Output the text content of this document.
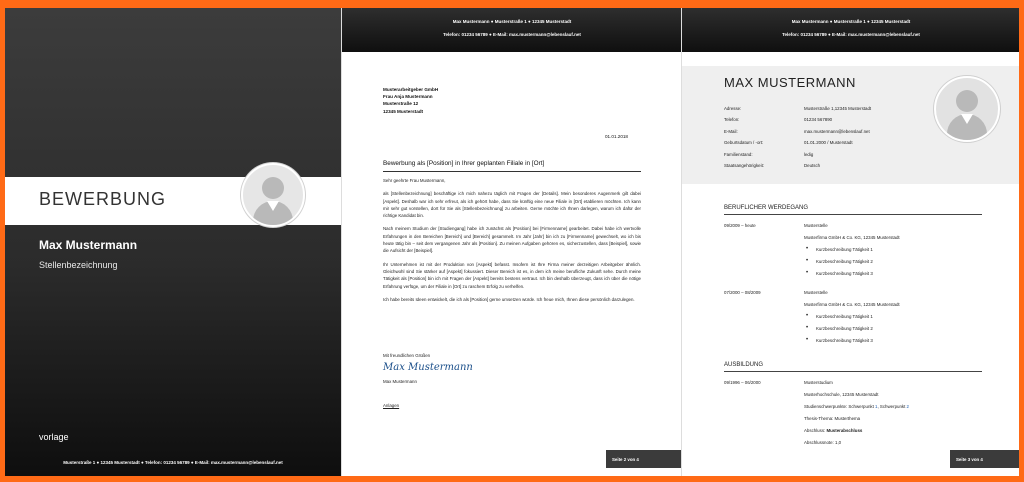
BEWERBUNG
Max Mustermann
Stellenbezeichnung
vorlage
Musterstraße 1 ● 12345 Musterstadt ● Telefon: 01234 56789 ● E-Mail: max.mustermann@lebenslauf.net
Max Mustermann ● Musterstraße 1 ● 12345 Musterstadt
Telefon: 01234 56789 ● E-Mail: max.mustermann@lebenslauf.net
Musterarbeitgeber GmbH
Frau Anja Mustermann
Musterstraße 12
12345 Musterstadt
01.01.2018
Bewerbung als [Position] in Ihrer geplanten Filiale in [Ort]

Sehr geehrte Frau Mustermann,

als [Stellenbezeichnung] beschäftige ich mich nahezu täglich mit Fragen der [Details]. Mein besonderes Augenmerk gilt dabei [Aspekt]. Deshalb war ich sehr erfreut, als ich gehört habe, dass Sie künftig eine neue Filiale in [Ort] etablieren möchten. Ich kann mir sehr gut vorstellen, dort für Sie als [Stellenbezeichnung] zu arbeiten. Gerne möchte ich Ihnen darlegen, warum ich dafür der richtige Kandidat bin.

Nach meinem Studium der [Studiengang] habe ich zunächst als [Position] bei [Firmenname] gearbeitet. Dabei habe ich wertvolle Erfahrungen in den Bereichen [Bereich] und [Bereich] gesammelt. Im Jahr [Jahr] bin ich zu [Firmenname] gewechselt, wo ich bis heute tätig bin – seit dem vergangenen Jahr als [Position]. Zu meinen Aufgaben gehören es, sicherzustellen, dass [Beispiel], sowie die Aufsicht der [Beispiel].

Ihr Unternehmen ist mit der Produktion von [Aspekt] befasst. Insofern ist Ihre Firma meiner derzeitigen Arbeitgeber ähnlich. Gleichwohl sind Sie stärker auf [Aspekt] fokussiert. Dieser Bereich ist es, in dem ich meine berufliche Zukunft sehe. Durch meine Tätigkeit als [Position] bin ich mit Fragen der [Aspekt] bereits bestens vertraut. Ich bin deshalb überzeugt, dass ich über die nötige Erfahrung verfüge, um der Filiale in [Ort] zu raschem Erfolg zu verhelfen.

Ich habe bereits Ideen entwickelt, die ich als [Position] gerne umsetzen würde. Ich freue mich, Ihnen diese persönlich darzulegen.

Mit freundlichen Grüßen
Max Mustermann
Max Mustermann
Anlagen
Seite 2 von 4
Max Mustermann ● Musterstraße 1 ● 12345 Musterstadt
Telefon: 01234 56789 ● E-Mail: max.mustermann@lebenslauf.net
MAX MUSTERMANN
Adresse:	Musterstraße 1,12345 Musterstadt
Telefon:	01234 567890
E-Mail:	max.mustermann@lebenslauf.net
Geburtsdatum / -ort:	01.01.2000 / Musterstadt
Familienstand:	ledig
Staatsangehörigkeit:	Deutsch
BERUFLICHER WERDEGANG
09/2009 – heute	Musterstelle
Musterfirma GmbH & Co. KG, 12345 Musterstadt
• Kurzbeschreibung Tätigkeit 1
• Kurzbeschreibung Tätigkeit 2
• Kurzbeschreibung Tätigkeit 3
07/2000 – 08/2009	Musterstelle
Musterfirma GmbH & Co. KG, 12345 Musterstadt
• Kurzbeschreibung Tätigkeit 1
• Kurzbeschreibung Tätigkeit 2
• Kurzbeschreibung Tätigkeit 3
AUSBILDUNG
09/1996 – 06/2000	Musterstudium
Musterhochschule, 12345 Musterstadt
Studienschwerpunkte: Schwerpunkt 1, Schwerpunkt 2
Thesis-Thema: Musterthema
Abschluss: Musterabschluss
Abschlussnote: 1,0
Seite 3 von 4
